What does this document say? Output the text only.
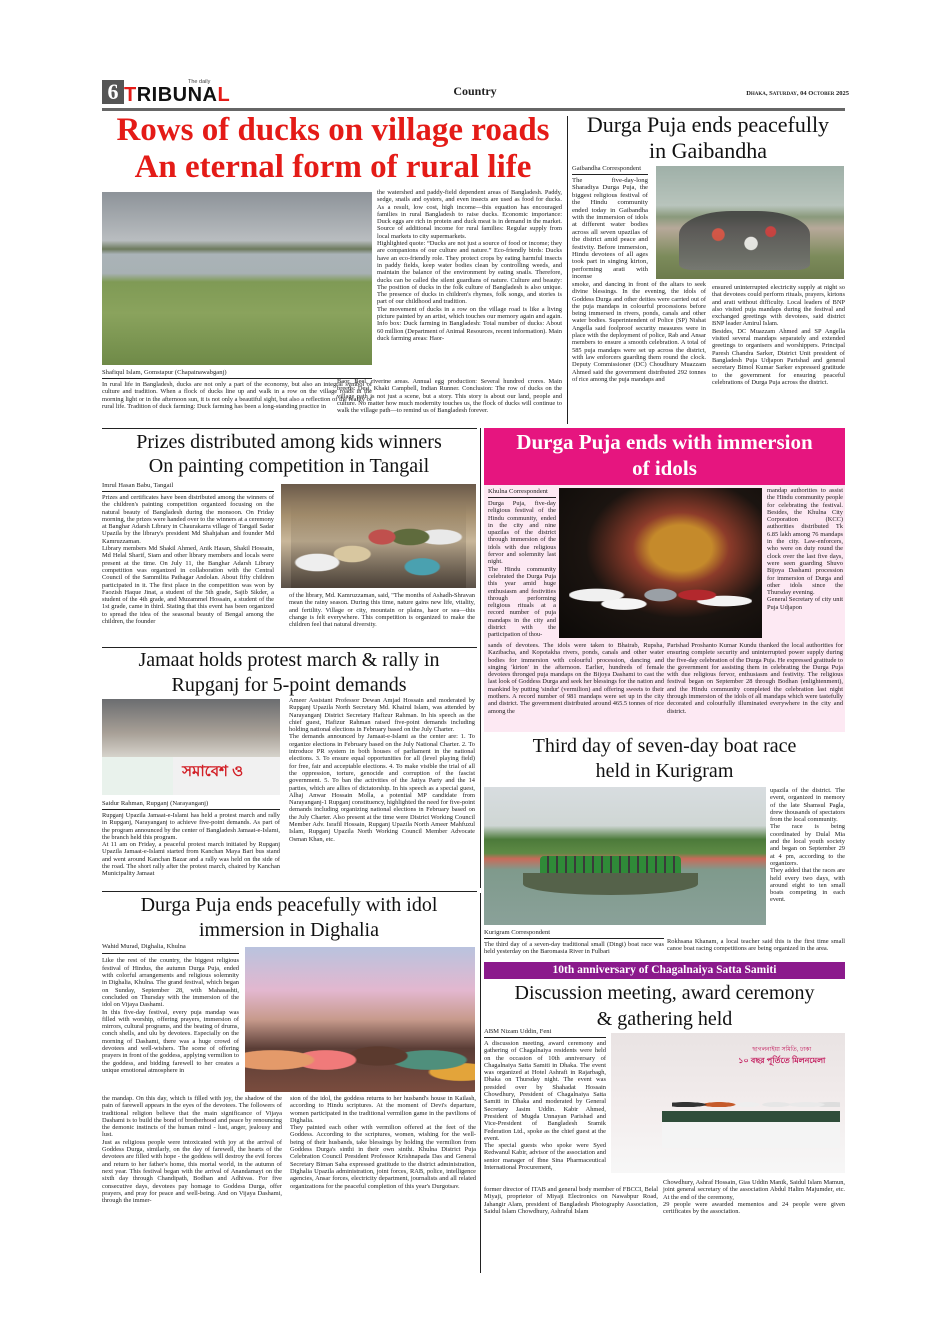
6	The daily
TRIBUNAL	Country	Dhaka, Saturday, 04 October 2025
Rows of ducks on village roads
An eternal form of rural life
Shafiqul Islam, Gomstapur (Chapainawabganj)
In rural life in Bangladesh, ducks are not only a part of the economy, but also an integral symbol of culture and tradition. When a flock of ducks line up and walk in a row on the village roads in the morning light or in the afternoon sun, it is not only a beautiful sight, but also a reflection of the reality of rural life. Tradition of duck farming: Duck farming has been a long-standing practice in

the watershed and paddy-field dependent areas of Bangladesh. Paddy, sedge, snails and oysters, and even insects are used as food for ducks. As a result, low cost, high income—this equation has encouraged families in rural Bangladesh to raise ducks. Economic importance: Duck eggs are rich in protein and duck meat is in demand in the market. Source of additional income for rural families: Regular supply from local markets to city supermarkets.

Highlighted quote: “Ducks are not just a source of food or income; they are companions of our culture and nature.” Eco-friendly birds: Ducks have an eco-friendly role. They protect crops by eating harmful insects in paddy fields, keep water bodies clean by controlling weeds, and maintain the balance of the environment by eating snails. Therefore, ducks can be called the silent guardians of nature. Culture and beauty: The position of ducks in the folk culture of Bangladesh is also unique. The presence of ducks in children's rhymes, folk songs, and stories is part of our childhood and tradition.

The movement of ducks in a row on the village road is like a living picture painted by an artist, which touches our memory again and again. Info box: Duck farming in Bangladesh: Total number of ducks: About 60 million (Department of Animal Resources, recent information). Main duck farming areas: Haor-

Baor, Beel, riverine areas. Annual egg production: Several hundred crores. Main breeds: Desi, Khaki Campbell, Indian Runner. Conclusion: The row of ducks on the village path is not just a scene, but a story. This story is about our land, people and culture. No matter how much modernity touches us, the flock of ducks will continue to walk the village path—to remind us of Bangladesh forever.

Durga Puja ends peacefully
in Gaibandha
Gaibandha Correspondent
The five-day-long Sharadiya Durga Puja, the biggest religious festival of the Hindu community ended today in Gaibandha with the immersion of idols at different water bodies across all seven upazilas of the district amid peace and festivity. Before immersion, Hindu devotees of all ages took part in singing kirton, performing arati with incense
smoke, and dancing in front of the altars to seek divine blessings. In the evening, the idols of Goddess Durga and other deities were carried out of the puja mandaps in colourful processions before being immersed in rivers, ponds, canals and other water bodies. Superintendent of Police (SP) Nishat Angella said foolproof security measures were in place with the deployment of police, Rab and Ansar members to ensure a smooth celebration. A total of 585 puja mandaps were set up across the district, with law enforcers guarding them round the clock. Deputy Commissioner (DC) Choudhury Muazzam Ahmed said the government distributed 292 tonnes of rice among the puja mandaps and

ensured uninterrupted electricity supply at night so that devotees could perform rituals, prayers, kirtons and arati without difficulty. Local leaders of BNP also visited puja mandaps during the festival and exchanged greetings with devotees, said district BNP leader Amirul Islam.

Besides, DC Muazzam Ahmed and SP Angella visited several mandaps separately and extended greetings to organisers and worshippers. Principal Paresh Chandra Sarker, District Unit president of Bangladesh Puja Udjapon Parishad and general secretary Bimol Kumar Sarker expressed gratitude to the government for ensuring peaceful celebrations of Durga Puja across the district.

Prizes distributed among kids winners
On painting competition in Tangail
Imrul Hasan Babu, Tangail

Prizes and certificates have been distributed among the winners of the children's painting competition organized focusing on the natural beauty of Bangladesh during the monsoon. On Friday morning, the prizes were handed over to the winners at a ceremony at Banghar Adarsh Library in Chaurakarra village of Tangail Sadar Upazila by the library's president Md Shahjahan and founder Md Kamruzzaman.

Library members Md Shakil Ahmed, Anik Hasan, Shakil Hossain, Md Helal Sharif, Siam and other library members and locals were present at the time. On July 11, the Banghar Adarsh Library competition was organized in collaboration with the Central Council of the Sammilita Pathagar Andolan. About fifty children participated in it. The first place in the competition was won by Faozish Haque Jinat, a student of the 5th grade, Sajib Sikder, a student of the 4th grade, and Muzammel Hossain, a student of the 1st grade, came in third. Stating that this event has been organized to spread the idea of the seasonal beauty of Bengal among the children, the founder

of the library, Md. Kamruzzaman, said, "The months of Ashadh-Shravan mean the rainy season. During this time, nature gains new life, vitality, and fertility. Village or city, mountain or plains, haor or sea—this change is felt everywhere. This competition is organized to make the children feel that natural diversity.
Durga Puja ends with immersion
of idols
Khulna Correspondent

Durga Puja, five-day religious festival of the Hindu community, ended in the city and nine upazilas of the district through immersion of the idols with due religious fervor and solemnity last night.

The Hindu community celebrated the Durga Puja this year amid huge enthusiasm and festivities through performing religious rituals at a record number of puja mandaps in the city and district with the participation of thou-

sands of devotees. The idols were taken to Bhairab, Rupsha, Kazibacha, and Kopotakha rivers, ponds, canals and other water bodies for immersion with colourful procession, dancing and singing 'kirton' in the afternoon. Earlier, hundreds of female devotees thronged puja mandaps on the Bijoya Dashami to cast the last look of Goddess Durga and seek her blessings for the nation and mankind by putting 'sindur' (vermilion) and offering sweets to their mothers. A record number of 981 mandaps were set up in the city and district. The government distributed around 465.5 tonnes of rice among the

mandap authorities to assist the Hindu community people for celebrating the festival. Besides, the Khulna City Corporation (KCC) authorities distributed Tk 6.85 lakh among 76 mandaps in the city. Law-enforcers, who were on duty round the clock over the last five days, were seen guarding Shuvo Bijoya Dashami procession for immersion of Durga and other idols since the Thursday evening.

General Secretary of city unit Puja Udjapon

Parishad Proshanto Kumar Kundu thanked the local authorities for ensuring complete security and uninterrupted power supply during the five-day celebration of the Durga Puja. He expressed gratitude to the government for assisting them in celebrating the Durga Puja with due religious fervor, enthusiasm and festivity. The religious festival began on September 28 through Bodhan (enlightenment), and the Hindu community completed the celebration last night through immersion of the idols of all mandaps which were tastefully decorated and colourfully illuminated everywhere in the city and district.
Jamaat holds protest march & rally in
Rupganj for 5-point demands
সমাবেশ ও
Saidur Rahman, Rupganj (Narayanganj)

Rupganj Upazila Jamaat-e-Islami has held a protest march and rally in Rupganj, Narayanganj to achieve five-point demands. As part of the program announced by the center of Bangladesh Jamaat-e-Islami, the branch held this program.

At 11 am on Friday, a peaceful protest march initiated by Rupganj Upazila Jamaat-e-Islami started from Kanchan Maya Bari bus stand and went around Kanchan Bazar and a rally was held on the side of the road. The short rally after the protest march, chaired by Kanchan Municipality Jamaat

Ameer Assistant Professor Dewan Amjad Hossain and moderated by Rupganj Upazila North Secretary Md. Khairul Islam, was attended by Narayanganj District Secretary Hafizur Rahman. In his speech as the chief guest, Hafizur Rahman raised five-point demands including holding national elections in February based on the July Charter.

The demands announced by Jamaat-e-Islami as the center are: 1. To organize elections in February based on the July National Charter. 2. To introduce PR system in both houses of parliament in the national elections. 3. To ensure equal opportunities for all (level playing field) for free, fair and acceptable elections. 4. To make visible the trial of all the oppression, torture, genocide and corruption of the fascist government. 5. To ban the activities of the Jatiya Party and the 14 parties, which are allies of dictatorship. In his speech as a special guest, Alhaj Anwar Hossain Molla, a potential MP candidate from Narayanganj-1 Rupganj constituency, highlighted the need for five-point demands including organizing national elections in February based on the July Charter. Also present at the time were District Working Council Member Adv. Israfil Hossain, Rupganj Upazila North Ameer Mahfuzul Islam, Rupganj Upazila North Working Council Member Advocate Osman Khan, etc.

Third day of seven-day boat race
held in Kurigram
Kurigram Correspondent
The third day of a seven-day traditional small (Dingi) boat race was held yesterday on the Baromasia River in Fulbari

upazila of the district. The event, organized in memory of the late Shamsul Pagla, drew thousands of spectators from the local community.

The race is being coordinated by Dulal Mia and the local youth society and began on September 29 at 4 pm, according to the organizers.

They added that the races are held every two days, with around eight to ten small boats competing in each event.

Rokhsana Khanam, a local teacher said this is the first time small canoe boat racing competitions are being organized in the area.
Durga Puja ends peacefully with idol
immersion in Dighalia
Wahid Murad, Dighalia, Khulna

Like the rest of the country, the biggest religious festival of Hindus, the autumn Durga Puja, ended with colorful arrangements and religious solemnity in Dighalia, Khulna. The grand festival, which began on Sunday, September 28, with Mahasashti, concluded on Thursday with the immersion of the idol on Vijaya Dashami.

In this five-day festival, every puja mandap was filled with worship, offering prayers, immersion of mirrors, cultural programs, and the beating of drums, conch shells, and ulu by devotees. Especially on the morning of Dashami, there was a huge crowd of devotees and well-wishers. The scene of offering prayers in front of the goddess, applying vermilion to the goddess, and bidding farewell to her creates a unique emotional atmosphere in

the mandap. On this day, which is filled with joy, the shadow of the pain of farewell appears in the eyes of the devotees. The followers of traditional religion believe that the main significance of Vijaya Dashami is to build the bond of brotherhood and peace by renouncing the demonic instincts of the human mind - lust, anger, jealousy and lust.

Just as religious people were intoxicated with joy at the arrival of Goddess Durga, similarly, on the day of farewell, the hearts of the devotees are filled with hope - the goddess will destroy the evil forces and return to her father's home, this mortal world, in the autumn of next year. This festival began with the arrival of Anandamayi on the sixth day through Chandipath, Bodhan and Adhivas. For five consecutive days, devotees pay homage to Goddess Durga, offer prayers, and pray for peace and well-being. And on Vijaya Dashami, through the immer-

sion of the idol, the goddess returns to her husband's house in Kailash, according to Hindu scriptures. At the moment of Devi's departure, women participated in the traditional vermilion game in the pavilions of Dighalia.

They painted each other with vermilion offered at the feet of the Goddess. According to the scriptures, women, wishing for the well-being of their husbands, take blessings by holding the vermilion from Goddess Durga's sinthi in their own sinthi. Khulna District Puja Celebration Council President Professor Krishnapada Das and General Secretary Biman Saha expressed gratitude to the district administration, Dighalia Upazila administration, joint forces, RAB, police, intelligence agencies, Ansar forces, electricity department, journalists and all related organizations for the peaceful completion of this year's Durgotsav.

10th anniversary of Chagalnaiya Satta Samiti
Discussion meeting, award ceremony
& gathering held
ABM Nizam Uddin, Feni

A discussion meeting, award ceremony and gathering of Chagalnaiya residents were held on the occasion of 10th anniversary of Chagalnaiya Satta Samiti in Dhaka. The event was organized at Hotel Ashrafi in Rajarbagh, Dhaka on Thursday night. The event was presided over by Shahadat Hossain Chowdhury, President of Chagalnaiya Satta Samiti in Dhaka and moderated by General Secretary Jasim Uddin. Kabir Ahmed, President of Mugda Unnayan Parishad and Vice-President of Bangladesh Sramik Federation Ltd., spoke as the chief guest at the event.

The special guests who spoke were Syed Redwanul Kabir, advisor of the association and senior manager of Ibne Sina Pharmaceutical International Procurement,

ছাগলনাইয়া সমিতি, ঢাকা
১০ বছর পূর্তিতে মিলনমেলা
former director of ITAB and general body member of FBCCI, Belal Miyaji, proprietor of Miyaji Electronics on Nawabpur Road, Jahangir Alam, president of Bangladesh Photography Association, Saidul Islam Chowdhury, Ashraful Islam

Chowdhury, Ashraf Hossain, Gias Uddin Manik, Saidul Islam Mamun, joint general secretary of the association Abdul Halim Majumder, etc. At the end of the ceremony,

29 people were awarded mementos and 24 people were given certificates by the association.
